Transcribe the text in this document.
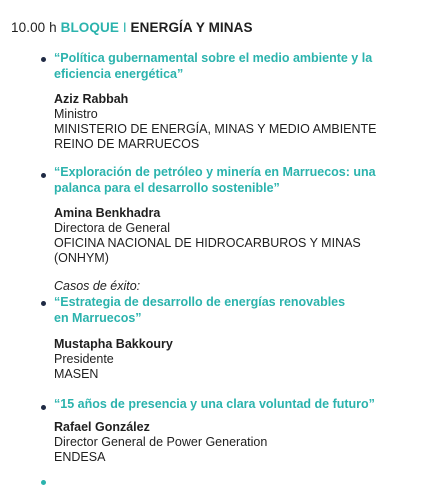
10.00 h BLOQUE I ENERGÍA Y MINAS
“Política gubernamental sobre el medio ambiente y la eficiencia energética”
Aziz Rabbah
Ministro
MINISTERIO DE ENERGÍA, MINAS Y MEDIO AMBIENTE
REINO DE MARRUECOS
“Exploración de petróleo y minería en Marruecos: una palanca para el desarrollo sostenible”
Amina Benkhadra
Directora de General
OFICINA NACIONAL DE HIDROCARBUROS Y MINAS
(ONHYM)
Casos de éxito:
“Estrategia de desarrollo de energías renovables en Marruecos”
Mustapha Bakkoury
Presidente
MASEN
“15 años de presencia y una clara voluntad de futuro”
Rafael González
Director General de Power Generation
ENDESA
